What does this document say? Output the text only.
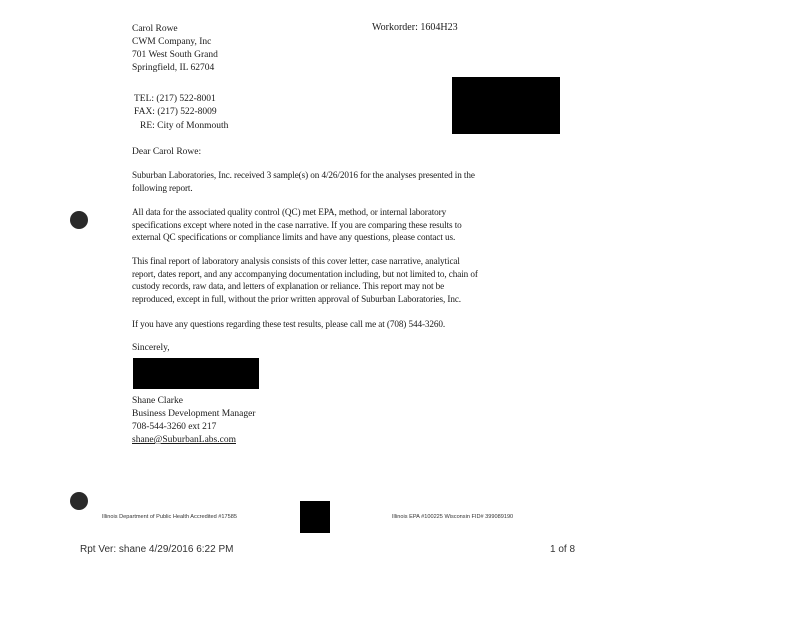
Carol Rowe
CWM Company, Inc
701 West South Grand
Springfield, IL 62704
Workorder: 1604H23
TEL: (217) 522-8001
FAX: (217) 522-8009
RE: City of Monmouth
Dear Carol Rowe:
Suburban Laboratories, Inc. received 3 sample(s) on 4/26/2016 for the analyses presented in the
following report.
All data for the associated quality control (QC) met EPA, method, or internal laboratory
specifications except where noted in the case narrative. If you are comparing these results to
external QC specifications or compliance limits and have any questions, please contact us.
This final report of laboratory analysis consists of this cover letter, case narrative, analytical
report, dates report, and any accompanying documentation including, but not limited to, chain of
custody records, raw data, and letters of explanation or reliance. This report may not be
reproduced, except in full, without the prior written approval of Suburban Laboratories, Inc.
If you have any questions regarding these test results, please call me at (708) 544-3260.
Sincerely,
Shane Clarke
Business Development Manager
708-544-3260 ext 217
shane@SuburbanLabs.com
Illinois Department of Public Health Accredited #17585	Illinois EPA #100225 Wisconsin FID# 399089190
Rpt Ver: shane 4/29/2016 6:22 PM	1 of 8
